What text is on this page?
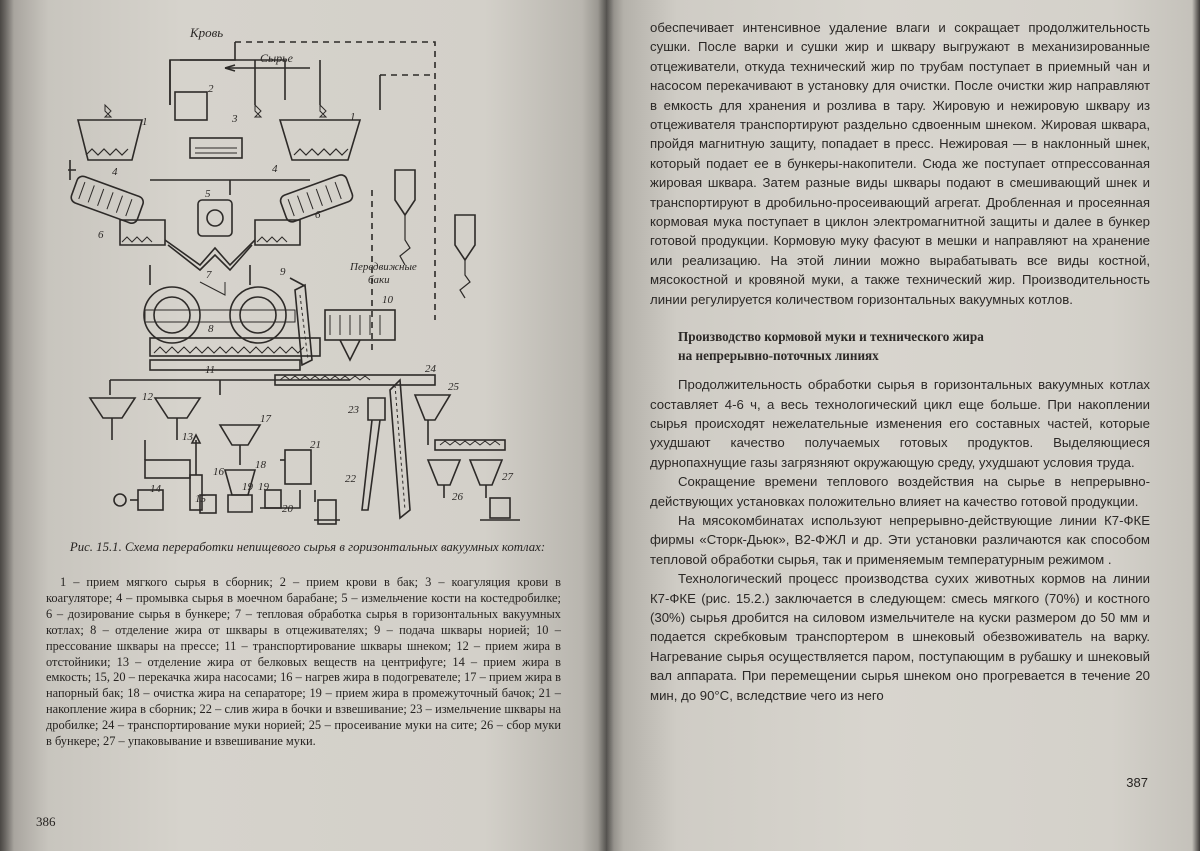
Кровь
Сырье
Передвижные
баки
1
2
3	1
4	4
5
6
6
7
8
9
10
11
12
13
14
15
16
17
18
19 19
20
21
22
23
24
25
26
27
Рис. 15.1. Схема переработки непищевого сырья в горизонтальных вакуумных котлах:

1 – прием мягкого сырья в сборник; 2 – прием крови в бак; 3 – коагуляция крови в коагуляторе; 4 – промывка сырья в моечном барабане; 5 – измельчение кости на костедробилке; 6 – дозирование сырья в бункере; 7 – тепловая обработка сырья в горизонтальных вакуумных котлах; 8 – отделение жира от шквары в отцеживателях; 9 – подача шквары норией; 10 – прессование шквары на прессе; 11 – транспортирование шквары шнеком; 12 – прием жира в отстойники; 13 – отделение жира от белковых веществ на центрифуге; 14 – прием жира в емкость; 15, 20 – перекачка жира насосами; 16 – нагрев жира в подогревателе; 17 – прием жира в напорный бак; 18 – очистка жира на сепараторе; 19 – прием жира в промежуточный бачок; 21 – накопление жира в сборник; 22 – слив жира в бочки и взвешивание; 23 – измельчение шквары на дробилке; 24 – транспортирование муки норией; 25 – просеивание муки на сите; 26 – сбор муки в бункере; 27 – упаковывание и взвешивание муки.

386

обеспечивает интенсивное удаление влаги и сокращает продолжительность сушки. После варки и сушки жир и шквару выгружают в механизированные отцеживатели, откуда технический жир по трубам поступает в приемный чан и насосом перекачивают в установку для очистки. После очистки жир направляют в емкость для хранения и розлива в тару. Жировую и нежировую шквару из отцеживателя транспортируют раздельно сдвоенным шнеком. Жировая шквара, пройдя магнитную защиту, попадает в пресс. Нежировая — в наклонный шнек, который подает ее в бункеры-накопители. Сюда же поступает отпрессованная жировая шквара. Затем разные виды шквары подают в смешивающий шнек и транспортируют в дробильно-просеивающий агрегат. Дробленная и просеянная кормовая мука поступает в циклон электромагнитной защиты и далее в бункер готовой продукции. Кормовую муку фасуют в мешки и направляют на хранение или реализацию. На этой линии можно вырабатывать все виды костной, мясокостной и кровяной муки, а также технический жир. Производительность линии регулируется количеством горизонтальных вакуумных котлов.

Производство кормовой муки и технического жира
на непрерывно-поточных линиях

Продолжительность обработки сырья в горизонтальных вакуумных котлах составляет 4-6 ч, а весь технологический цикл еще больше. При накоплении сырья происходят нежелательные изменения его составных частей, которые ухудшают качество получаемых готовых продуктов. Выделяющиеся дурнопахнущие газы загрязняют окружающую среду, ухудшают условия труда.

Сокращение времени теплового воздействия на сырье в непрерывно-действующих установках положительно влияет на качество готовой продукции.

На мясокомбинатах используют непрерывно-действующие линии К7-ФКЕ фирмы «Сторк-Дьюк», В2-ФЖЛ и др. Эти установки различаются как способом тепловой обработки сырья, так и применяемым температурным режимом .

Технологический процесс производства сухих животных кормов на линии К7-ФКЕ (рис. 15.2.) заключается в следующем: смесь мягкого (70%) и костного (30%) сырья дробится на силовом измельчителе на куски размером до 50 мм и подается скребковым транспортером в шнековый обезвоживатель на варку. Нагревание сырья осуществляется паром, поступающим в рубашку и шнековый вал аппарата. При перемещении сырья шнеком оно прогревается в течение 20 мин, до 90°С, вследствие чего из него

387
